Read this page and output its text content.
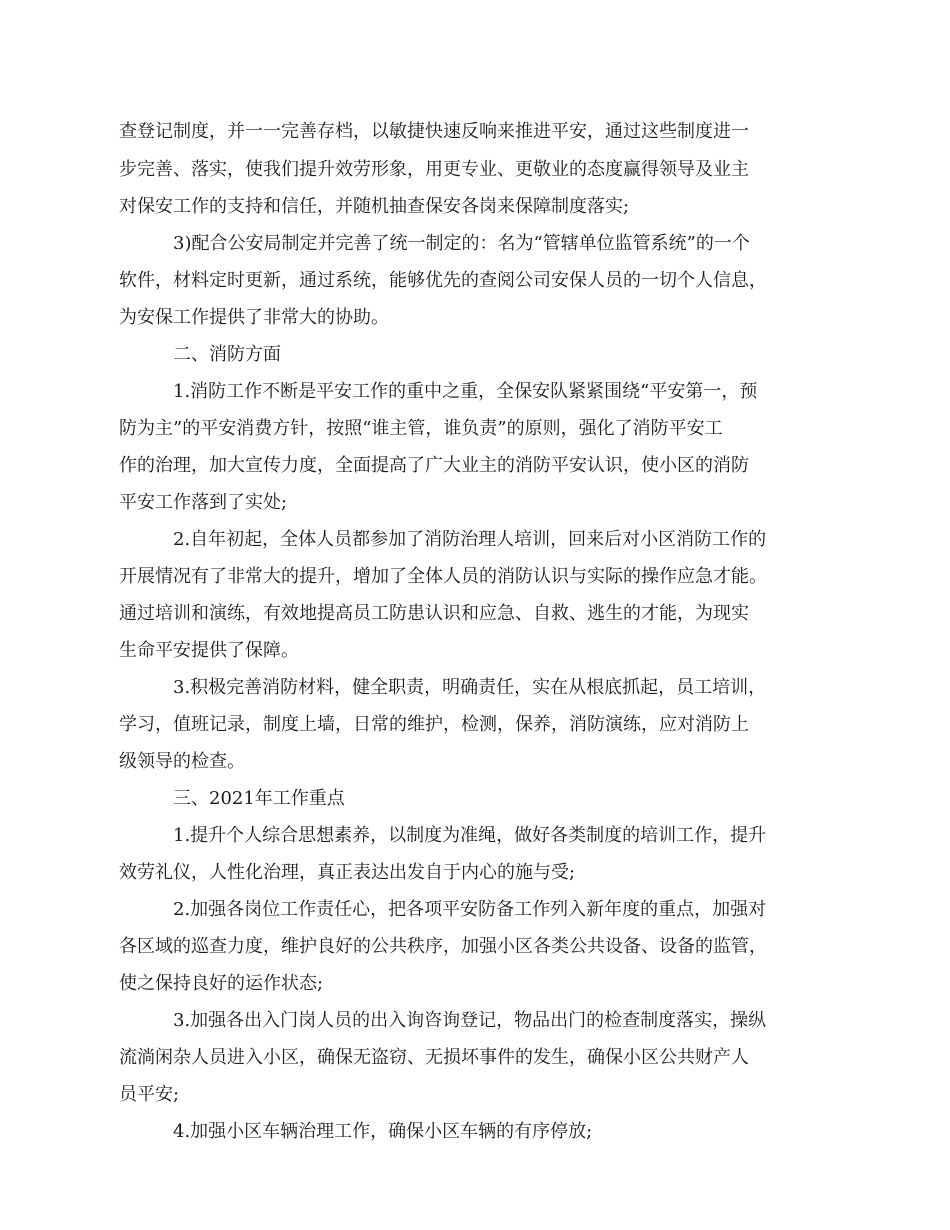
查登记制度，并一一完善存档，以敏捷快速反响来推进平安，通过这些制度进一
步完善、落实，使我们提升效劳形象，用更专业、更敬业的态度赢得领导及业主
对保安工作的支持和信任，并随机抽查保安各岗来保障制度落实;
3)配合公安局制定并完善了统一制定的：名为“管辖单位监管系统”的一个
软件，材料定时更新，通过系统，能够优先的查阅公司安保人员的一切个人信息，
为安保工作提供了非常大的协助。
二、消防方面
1.消防工作不断是平安工作的重中之重，全保安队紧紧围绕“平安第一，预
防为主”的平安消费方针，按照“谁主管，谁负责”的原则，强化了消防平安工
作的治理，加大宣传力度，全面提高了广大业主的消防平安认识，使小区的消防
平安工作落到了实处;
2.自年初起，全体人员都参加了消防治理人培训，回来后对小区消防工作的
开展情况有了非常大的提升，增加了全体人员的消防认识与实际的操作应急才能。
通过培训和演练，有效地提高员工防患认识和应急、自救、逃生的才能，为现实
生命平安提供了保障。
3.积极完善消防材料，健全职责，明确责任，实在从根底抓起，员工培训，
学习，值班记录，制度上墙，日常的维护，检测，保养，消防演练，应对消防上
级领导的检查。
三、2021年工作重点
1.提升个人综合思想素养，以制度为准绳，做好各类制度的培训工作，提升
效劳礼仪，人性化治理，真正表达出发自于内心的施与受;
2.加强各岗位工作责任心，把各项平安防备工作列入新年度的重点，加强对
各区域的巡查力度，维护良好的公共秩序，加强小区各类公共设备、设备的监管，
使之保持良好的运作状态;
3.加强各出入门岗人员的出入询咨询登记，物品出门的检查制度落实，操纵
流淌闲杂人员进入小区，确保无盗窃、无损坏事件的发生，确保小区公共财产人
员平安;
4.加强小区车辆治理工作，确保小区车辆的有序停放;
